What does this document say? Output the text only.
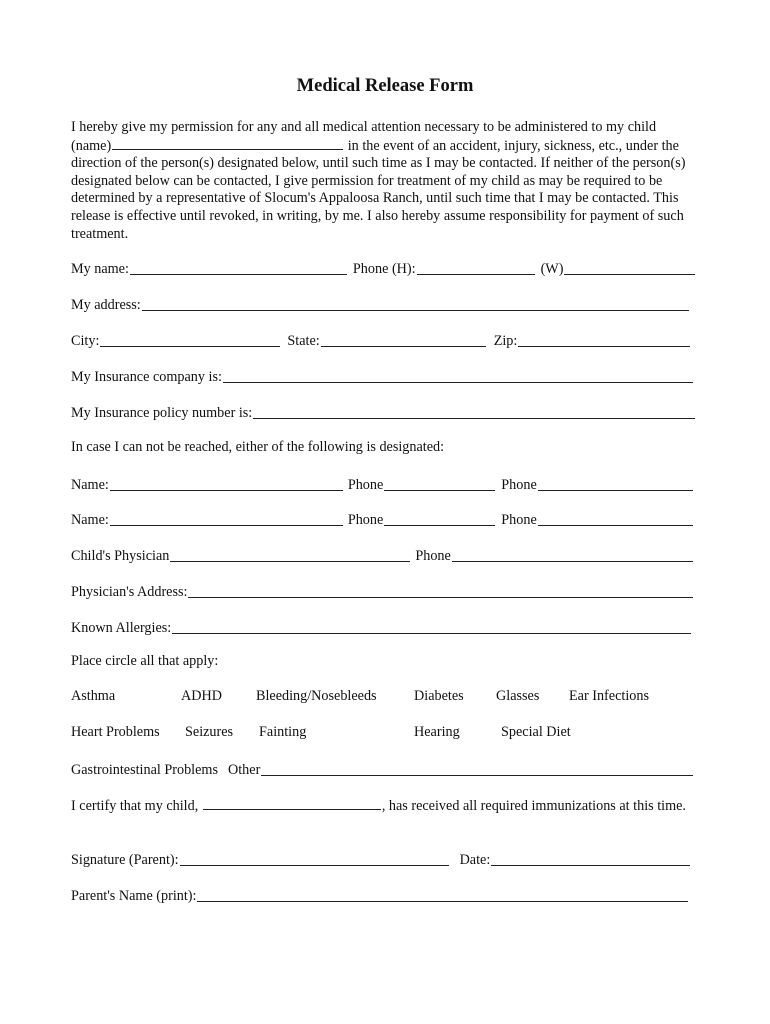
Medical Release Form

I hereby give my permission for any and all medical attention necessary to be administered to my child (name)	in the event of an accident, injury, sickness, etc., under the direction of the person(s) designated below, until such time as I may be contacted. If neither of the person(s) designated below can be contacted, I give permission for treatment of my child as may be required to be determined by a representative of Slocum's Appaloosa Ranch, until such time that I may be contacted. This release is effective until revoked, in writing, by me. I also hereby assume responsibility for payment of such treatment.

My name:	Phone (H):	(W)
My address:
City:	State:	Zip:
My Insurance company is:
My Insurance policy number is:

In case I can not be reached, either of the following is designated:

Name:	Phone	Phone
Name:	Phone	Phone
Child's Physician	Phone
Physician's Address:
Known Allergies:

Place circle all that apply:

Asthma	ADHD Bleeding/Nosebleeds	Diabetes Glasses Ear Infections
Heart Problems Seizures Fainting	Hearing	Special Diet
Gastrointestinal Problems Other

I certify that my child,	, has received all required immunizations at this time.

Signature (Parent):	Date:
Parent's Name (print):
